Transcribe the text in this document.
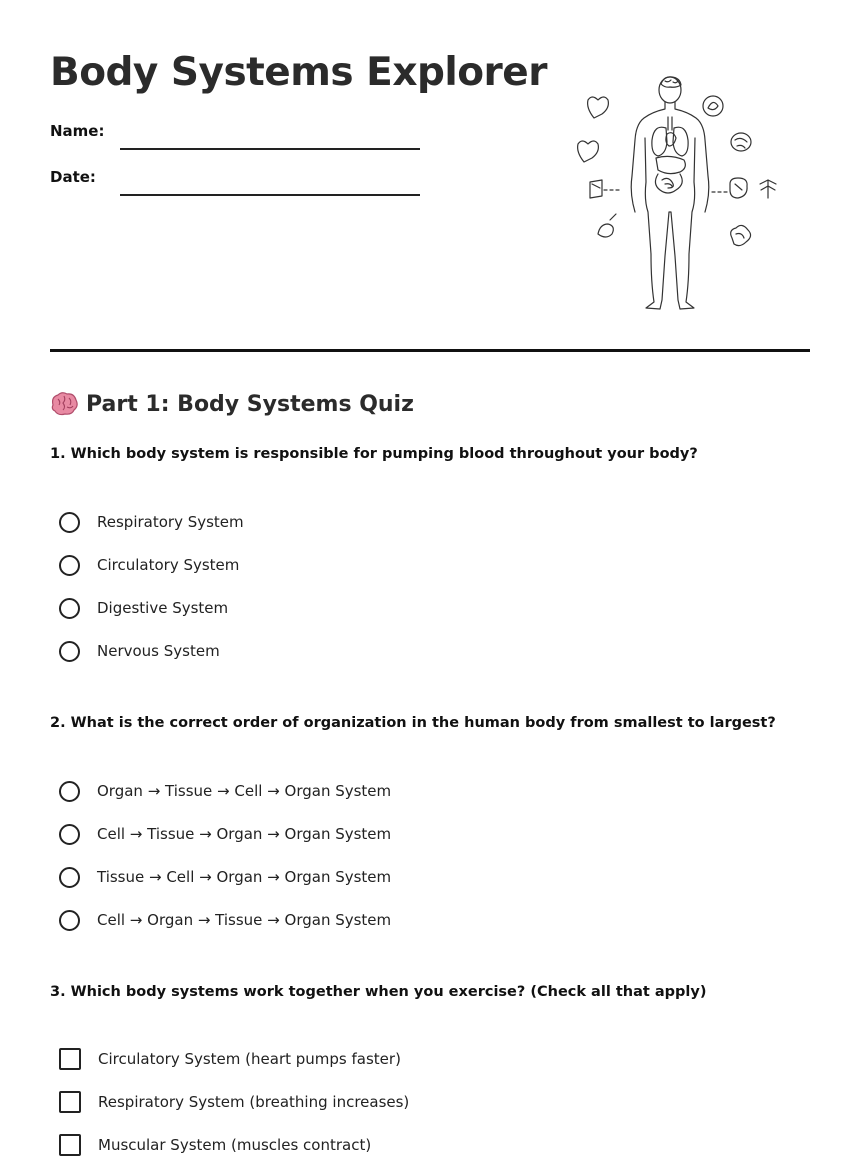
Body Systems Explorer
Name:
Date:
Part 1: Body Systems Quiz

1. Which body system is responsible for pumping blood throughout your body?

Respiratory System
Circulatory System
Digestive System
Nervous System

2. What is the correct order of organization in the human body from smallest to largest?

Organ → Tissue → Cell → Organ System
Cell → Tissue → Organ → Organ System
Tissue → Cell → Organ → Organ System
Cell → Organ → Tissue → Organ System

3. Which body systems work together when you exercise? (Check all that apply)

Circulatory System (heart pumps faster)
Respiratory System (breathing increases)
Muscular System (muscles contract)
